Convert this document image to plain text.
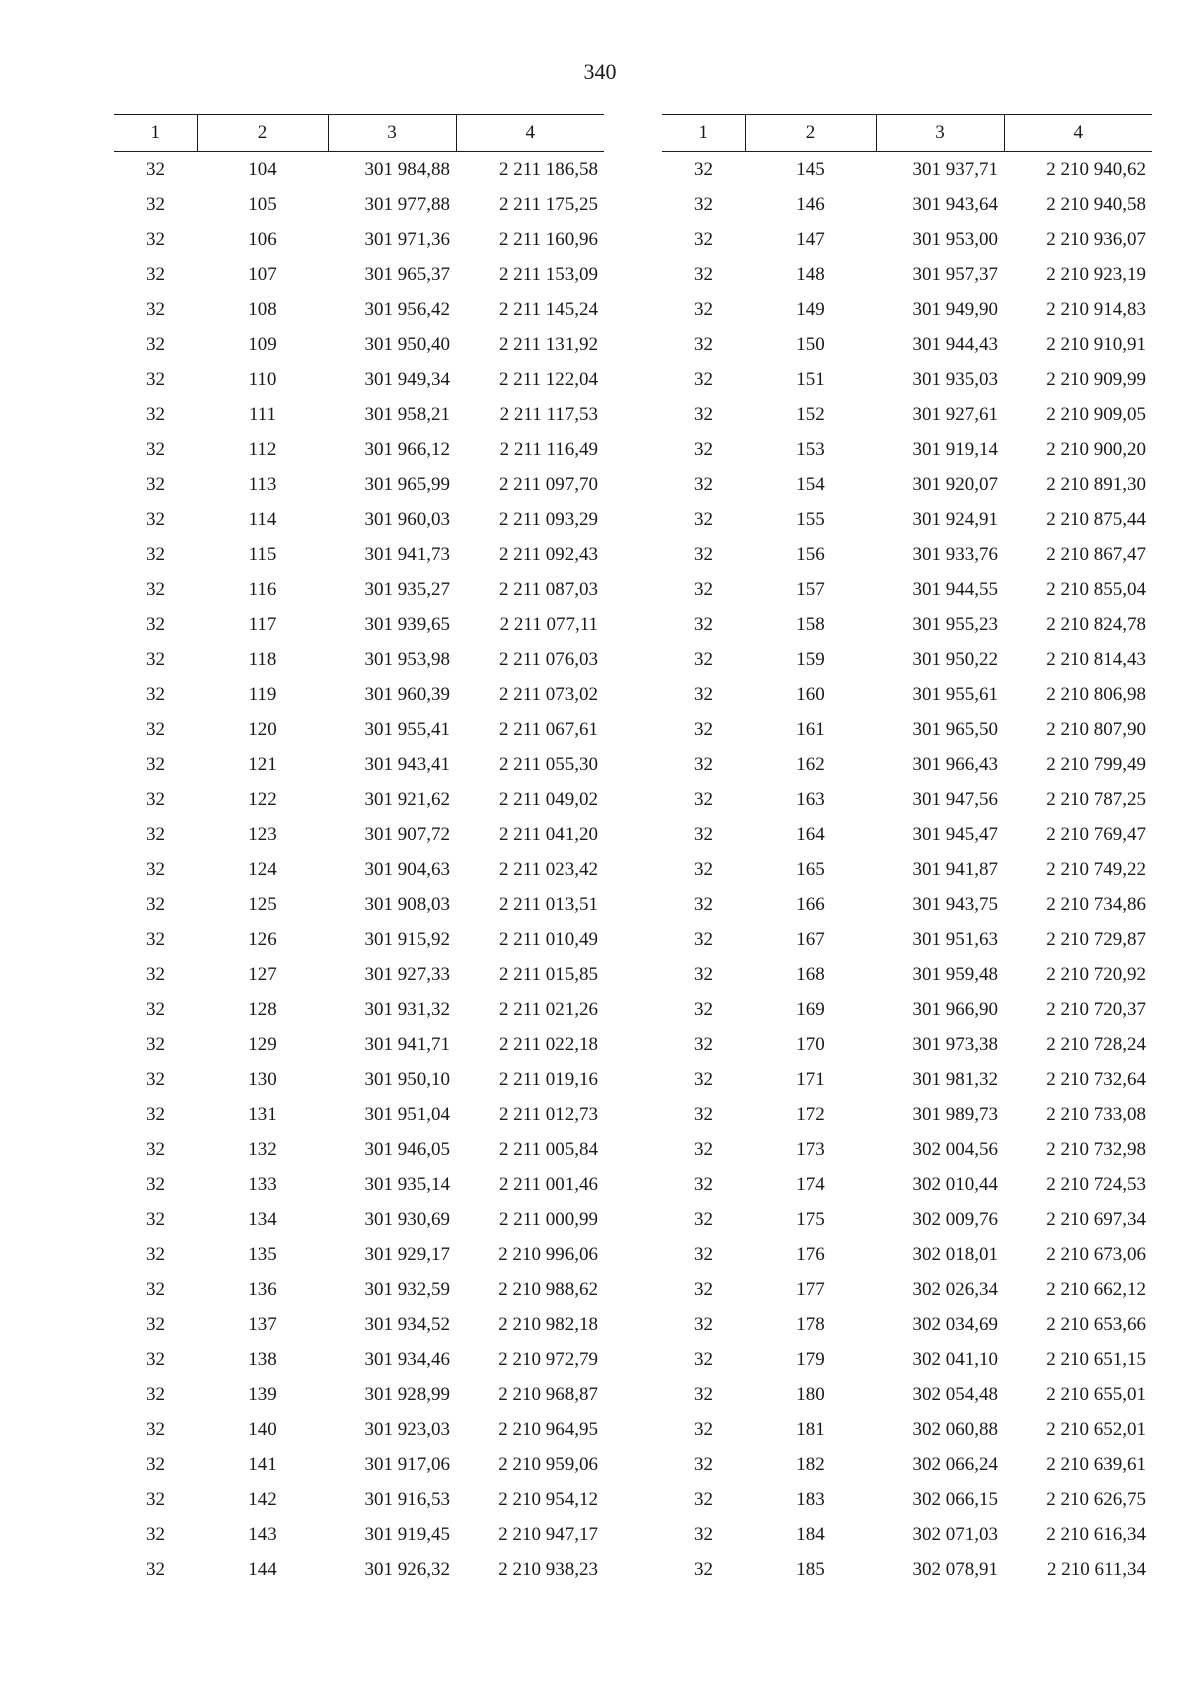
340
1	2	3	4
32	104	301 984,88	2 211 186,58
32	105	301 977,88	2 211 175,25
32	106	301 971,36	2 211 160,96
32	107	301 965,37	2 211 153,09
32	108	301 956,42	2 211 145,24
32	109	301 950,40	2 211 131,92
32	110	301 949,34	2 211 122,04
32	111	301 958,21	2 211 117,53
32	112	301 966,12	2 211 116,49
32	113	301 965,99	2 211 097,70
32	114	301 960,03	2 211 093,29
32	115	301 941,73	2 211 092,43
32	116	301 935,27	2 211 087,03
32	117	301 939,65	2 211 077,11
32	118	301 953,98	2 211 076,03
32	119	301 960,39	2 211 073,02
32	120	301 955,41	2 211 067,61
32	121	301 943,41	2 211 055,30
32	122	301 921,62	2 211 049,02
32	123	301 907,72	2 211 041,20
32	124	301 904,63	2 211 023,42
32	125	301 908,03	2 211 013,51
32	126	301 915,92	2 211 010,49
32	127	301 927,33	2 211 015,85
32	128	301 931,32	2 211 021,26
32	129	301 941,71	2 211 022,18
32	130	301 950,10	2 211 019,16
32	131	301 951,04	2 211 012,73
32	132	301 946,05	2 211 005,84
32	133	301 935,14	2 211 001,46
32	134	301 930,69	2 211 000,99
32	135	301 929,17	2 210 996,06
32	136	301 932,59	2 210 988,62
32	137	301 934,52	2 210 982,18
32	138	301 934,46	2 210 972,79
32	139	301 928,99	2 210 968,87
32	140	301 923,03	2 210 964,95
32	141	301 917,06	2 210 959,06
32	142	301 916,53	2 210 954,12
32	143	301 919,45	2 210 947,17
32	144	301 926,32	2 210 938,23
1	2	3	4
32	145	301 937,71	2 210 940,62
32	146	301 943,64	2 210 940,58
32	147	301 953,00	2 210 936,07
32	148	301 957,37	2 210 923,19
32	149	301 949,90	2 210 914,83
32	150	301 944,43	2 210 910,91
32	151	301 935,03	2 210 909,99
32	152	301 927,61	2 210 909,05
32	153	301 919,14	2 210 900,20
32	154	301 920,07	2 210 891,30
32	155	301 924,91	2 210 875,44
32	156	301 933,76	2 210 867,47
32	157	301 944,55	2 210 855,04
32	158	301 955,23	2 210 824,78
32	159	301 950,22	2 210 814,43
32	160	301 955,61	2 210 806,98
32	161	301 965,50	2 210 807,90
32	162	301 966,43	2 210 799,49
32	163	301 947,56	2 210 787,25
32	164	301 945,47	2 210 769,47
32	165	301 941,87	2 210 749,22
32	166	301 943,75	2 210 734,86
32	167	301 951,63	2 210 729,87
32	168	301 959,48	2 210 720,92
32	169	301 966,90	2 210 720,37
32	170	301 973,38	2 210 728,24
32	171	301 981,32	2 210 732,64
32	172	301 989,73	2 210 733,08
32	173	302 004,56	2 210 732,98
32	174	302 010,44	2 210 724,53
32	175	302 009,76	2 210 697,34
32	176	302 018,01	2 210 673,06
32	177	302 026,34	2 210 662,12
32	178	302 034,69	2 210 653,66
32	179	302 041,10	2 210 651,15
32	180	302 054,48	2 210 655,01
32	181	302 060,88	2 210 652,01
32	182	302 066,24	2 210 639,61
32	183	302 066,15	2 210 626,75
32	184	302 071,03	2 210 616,34
32	185	302 078,91	2 210 611,34
